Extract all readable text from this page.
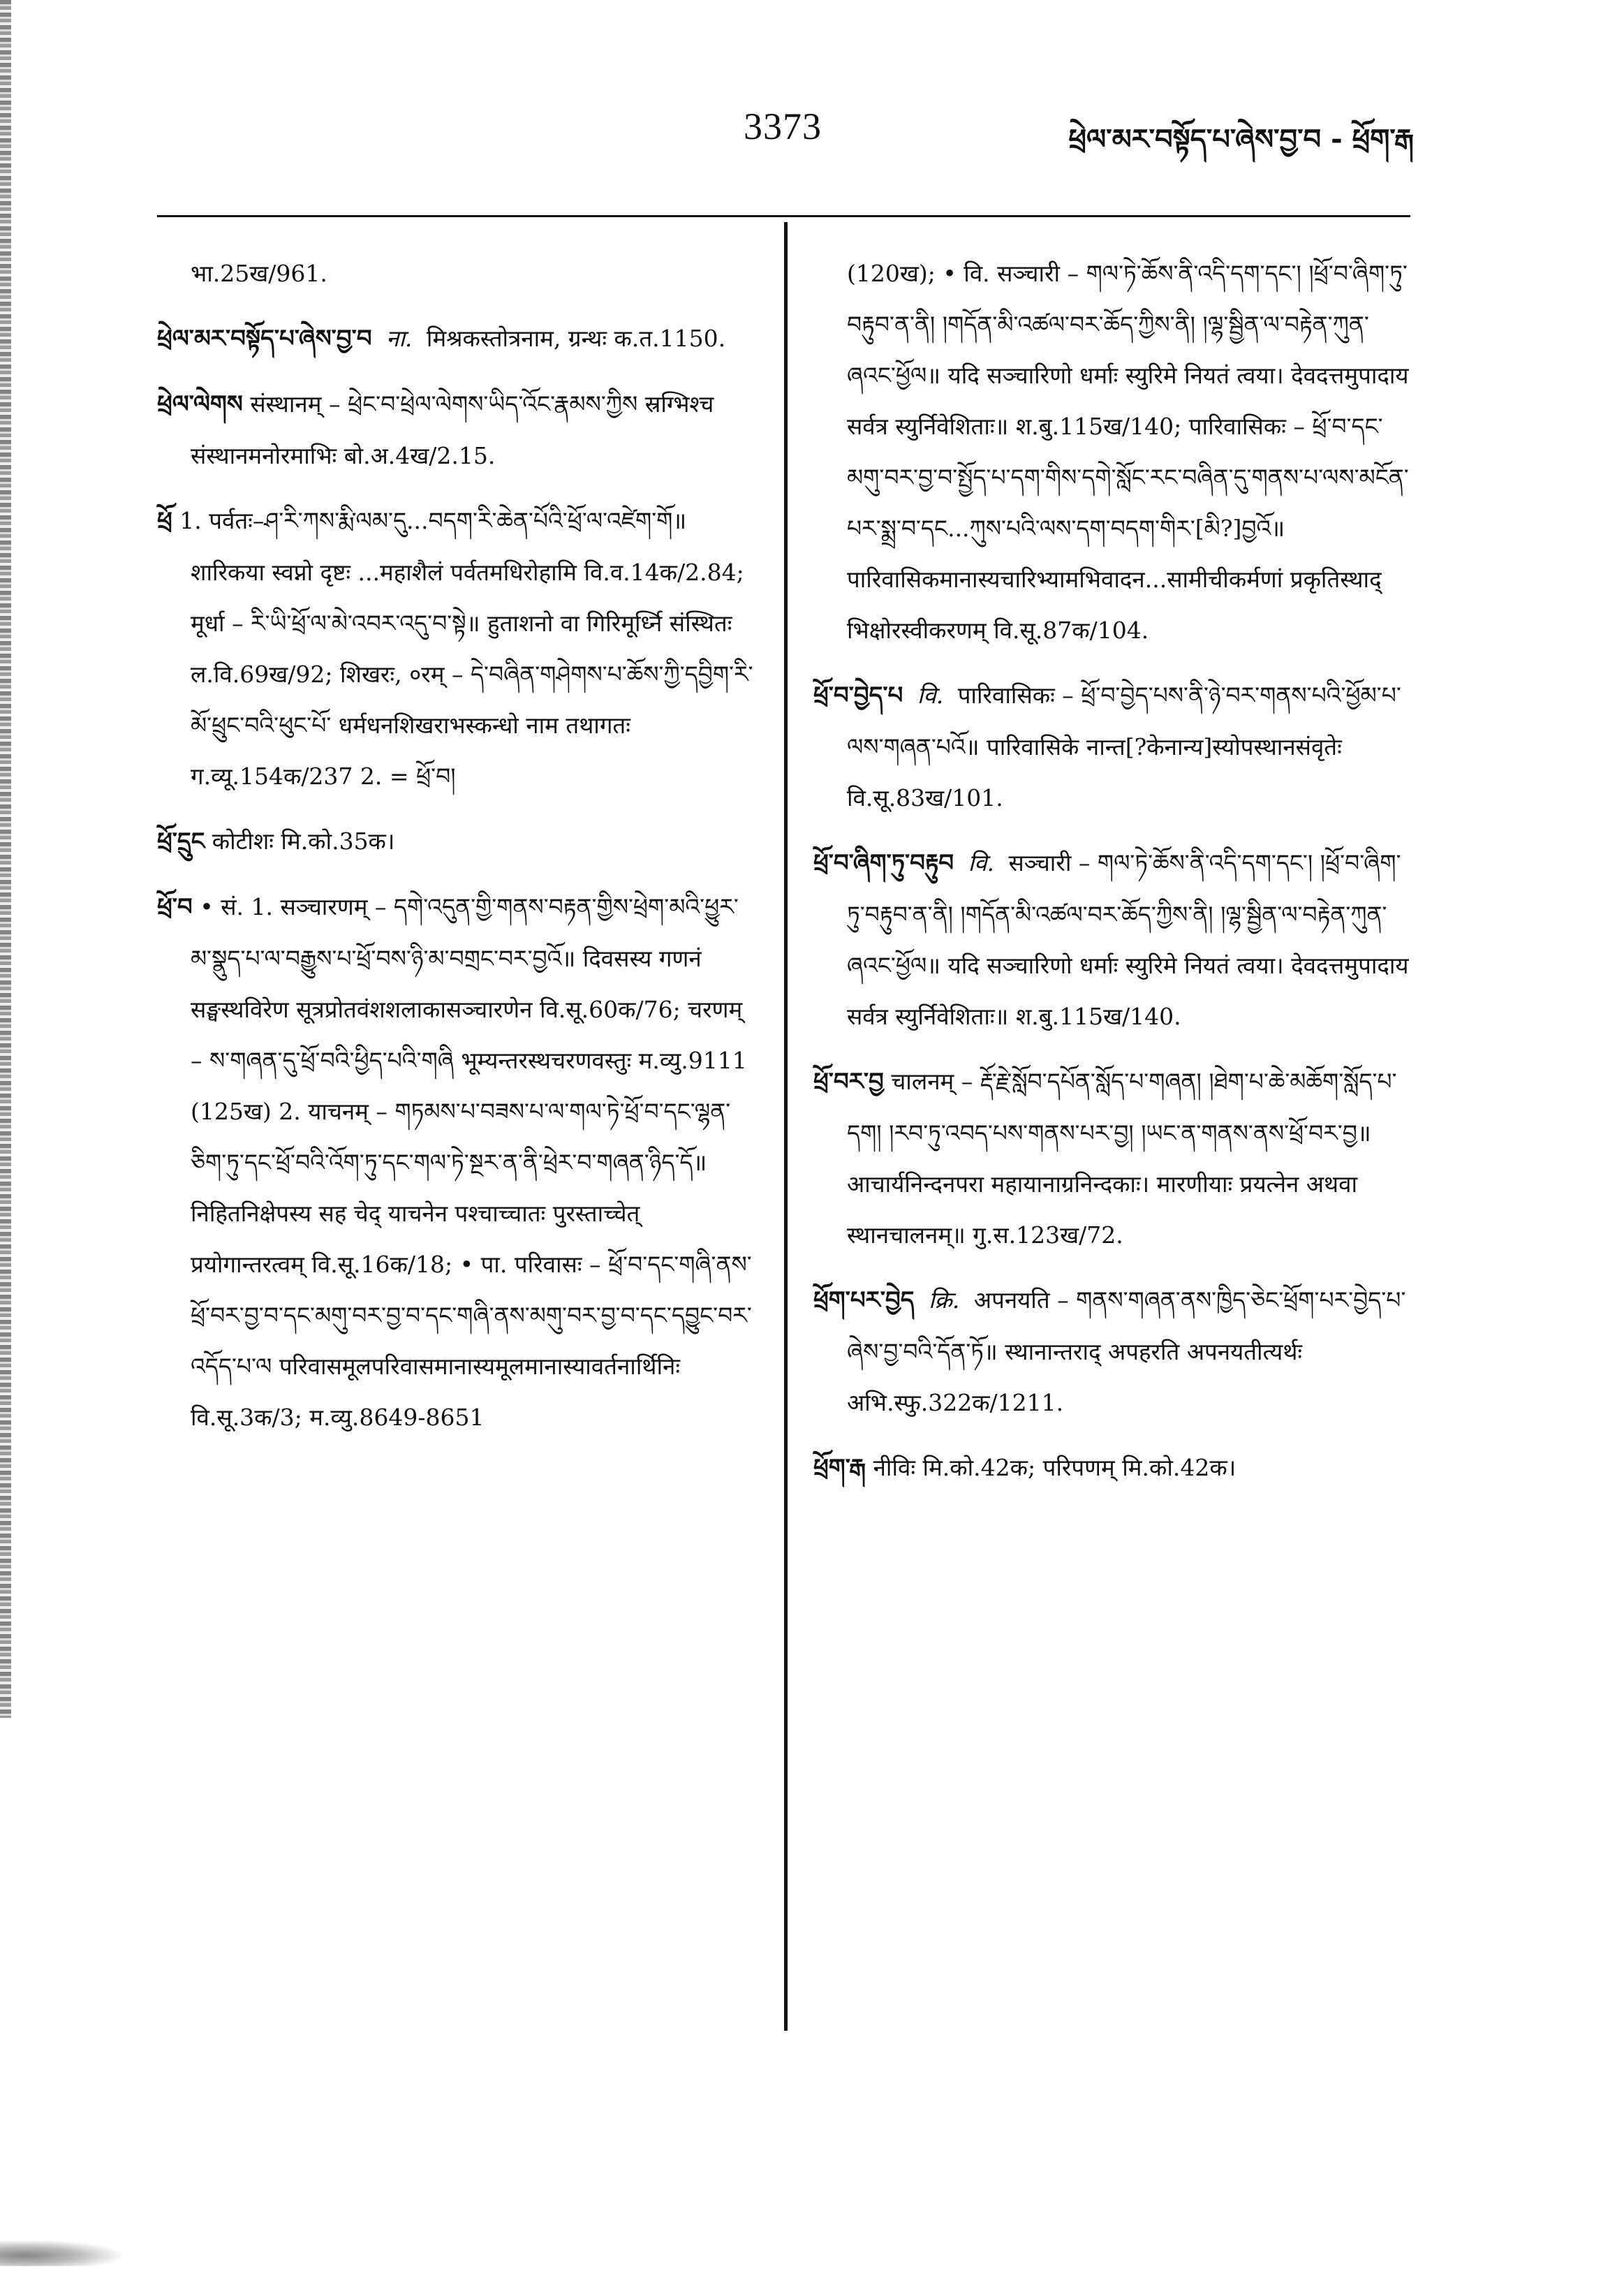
3373	ཕྲེལ་མར་བསྟོད་པ་ཞེས་བྱ་བ - ཕྲོག་རྒ

भा.25ख/961.

ཕྲེལ་མར་བསྟོད་པ་ཞེས་བྱ་བ ना. मिश्रकस्तोत्रनाम, ग्रन्थः क.त.1150.

ཕྲེལ་ལེགས संस्थानम् – ཕྲེང་བ་ཕྲེལ་ལེགས་ཡིད་འོང་རྣམས་ཀྱིས स्रग्भिश्च संस्थानमनोरमाभिः बो.अ.4ख/2.15.

ཕྲོ 1. पर्वतः–ཤ་རི་ཀས་རྨི་ལམ་དུ...བདག་རི་ཆེན་པོའི་ཕྲོ་ལ་འཛེག་གོ॥ शारिकया स्वप्नो दृष्टः ...महाशैलं पर्वतमधिरोहामि वि.व.14क/2.84; मूर्धा – རི་ཡི་ཕྲོ་ལ་མེ་འབར་འདུ་བ་སྟེ॥ हुताशनो वा गिरिमूर्ध्नि संस्थितः ल.वि.69ख/92; शिखरः, ०रम् – དེ་བཞིན་གཤེགས་པ་ཆོས་ཀྱི་དབྱིག་རི་མོ་ཕྲུང་བའི་ཕུང་པོ་ धर्मधनशिखराभस्कन्धो नाम तथागतः ग.व्यू.154क/237 2. = ཕྲོ་བ།

ཕྲོ་དྲུང कोटीशः मि.को.35क।

ཕྲོ་བ • सं. 1. सञ्चारणम् – དགེ་འདུན་གྱི་གནས་བརྟན་གྱིས་ཕྲེག་མའི་ཕྱུར་མ་སྣུད་པ་ལ་བརྒྱུས་པ་ཕྲོ་བས་ཉི་མ་བགྲང་བར་བྱའོ॥ दिवसस्य गणनं सङ्घस्थविरेण सूत्रप्रोतवंशशलाकासञ्चारणेन वि.सू.60क/76; चरणम् – ས་གཞན་དུ་ཕྲོ་བའི་ཕྱིད་པའི་གཞི भूम्यन्तरस्थचरणवस्तुः म.व्यु.9111 (125ख) 2. याचनम् – གཏམས་པ་བཟས་པ་ལ་གལ་ཏེ་ཕྲོ་བ་དང་ལྷན་ཅིག་ཏུ་དང་ཕྲོ་བའི་འོག་ཏུ་དང་གལ་ཏེ་སྔར་ན་ནི་ཕྲེར་བ་གཞན་ཉིད་དོ॥ निहितनिक्षेपस्य सह चेद् याचनेन पश्चाच्चातः पुरस्ताच्चेत् प्रयोगान्तरत्वम् वि.सू.16क/18; • पा. परिवासः – ཕྲོ་བ་དང་གཞི་ནས་ཕྲོ་བར་བྱ་བ་དང་མགུ་བར་བྱ་བ་དང་གཞི་ནས་མགུ་བར་བྱ་བ་དང་དབྱུང་བར་འདོད་པ་ལ परिवासमूलपरिवासमानास्यमूलमानास्यावर्तनार्थिनिः वि.सू.3क/3; म.व्यु.8649-8651

(120ख); • वि. सञ्चारी – གལ་ཏེ་ཆོས་ནི་འདི་དག་དང་། །ཕྲོ་བ་ཞིག་ཏུ་བརྟུབ་ན་ནི། །གདོན་མི་འཚལ་བར་ཆོད་ཀྱིས་ནི། །ལྷ་སྦྱིན་ལ་བརྟེན་ཀུན་ཞའང་ཕྱོལ॥ यदि सञ्चारिणो धर्माः स्युरिमे नियतं त्वया। देवदत्तमुपादाय सर्वत्र स्युर्निवेशिताः॥ श.बु.115ख/140; पारिवासिकः – ཕྲོ་བ་དང་མགུ་བར་བྱ་བ་སྤྱོད་པ་དག་གིས་དགེ་སློང་རང་བཞིན་དུ་གནས་པ་ལས་མངོན་པར་སྨྲ་བ་དང...ཀུས་པའི་ལས་དག་བདག་གིར་[མི?]བྱའོ॥ पारिवासिकमानास्यचारिभ्यामभिवादन...सामीचीकर्मणां प्रकृतिस्थाद् भिक्षोरस्वीकरणम् वि.सू.87क/104.

ཕྲོ་བ་བྱེད་པ वि. पारिवासिकः – ཕྲོ་བ་བྱེད་པས་ནི་ཉེ་བར་གནས་པའི་ཕྱོམ་པ་ལས་གཞན་པའོ॥ पारिवासिके नान्त[?केनान्य]स्योपस्थानसंवृतेः वि.सू.83ख/101.

ཕྲོ་བ་ཞིག་ཏུ་བརྟུབ वि. सञ्चारी – གལ་ཏེ་ཆོས་ནི་འདི་དག་དང་། །ཕྲོ་བ་ཞིག་ཏུ་བརྟུབ་ན་ནི། །གདོན་མི་འཚལ་བར་ཆོད་ཀྱིས་ནི། །ལྷ་སྦྱིན་ལ་བརྟེན་ཀུན་ཞའང་ཕྱོལ॥ यदि सञ्चारिणो धर्माः स्युरिमे नियतं त्वया। देवदत्तमुपादाय सर्वत्र स्युर्निवेशिताः॥ श.बु.115ख/140.

ཕྲོ་བར་བྱ चालनम् – རྡོ་རྗེ་སློབ་དཔོན་སློད་པ་གཞན། །ཐེག་པ་ཆེ་མཆོག་སློད་པ་དག། །རབ་ཏུ་འབད་པས་གནས་པར་བྱ། །ཡང་ན་གནས་ནས་ཕྲོ་བར་བྱ॥ आचार्यनिन्दनपरा महायानाग्रनिन्दकाः। मारणीयाः प्रयत्नेन अथवा स्थानचालनम्॥ गु.स.123ख/72.

ཕྲོག་པར་བྱེད क्रि. अपनयति – གནས་གཞན་ནས་ཁྱིད་ཅེང་ཕྲོག་པར་བྱེད་པ་ཞེས་བྱ་བའི་དོན་ཏོ॥ स्थानान्तराद् अपहरति अपनयतीत्यर्थः अभि.स्फु.322क/1211.

ཕྲོག་རྒ नीविः मि.को.42क; परिपणम् मि.को.42क।
